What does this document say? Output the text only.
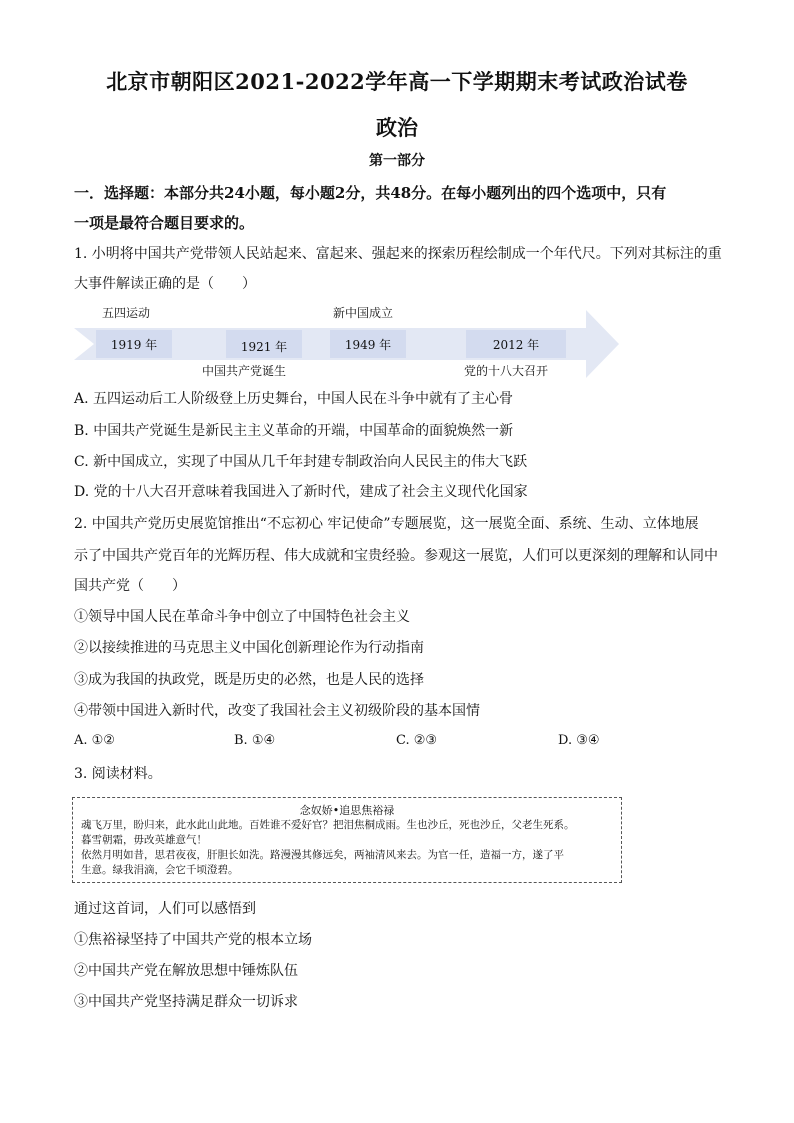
北京市朝阳区2021-2022学年高一下学期期末考试政治试卷
政治
第一部分
一．选择题：本部分共24小题，每小题2分，共48分。在每小题列出的四个选项中，只有
一项是最符合题目要求的。
1. 小明将中国共产党带领人民站起来、富起来、强起来的探索历程绘制成一个年代尺。下列对其标注的重
大事件解读正确的是（　　）
五四运动	新中国成立
1919 年	1921 年	1949 年	2012 年
中国共产党诞生	党的十八大召开
A. 五四运动后工人阶级登上历史舞台，中国人民在斗争中就有了主心骨
B. 中国共产党诞生是新民主主义革命的开端，中国革命的面貌焕然一新
C. 新中国成立，实现了中国从几千年封建专制政治向人民民主的伟大飞跃
D. 党的十八大召开意味着我国进入了新时代，建成了社会主义现代化国家
2. 中国共产党历史展览馆推出“不忘初心 牢记使命”专题展览，这一展览全面、系统、生动、立体地展
示了中国共产党百年的光辉历程、伟大成就和宝贵经验。参观这一展览，人们可以更深刻的理解和认同中
国共产党（　　）
①领导中国人民在革命斗争中创立了中国特色社会主义
②以接续推进的马克思主义中国化创新理论作为行动指南
③成为我国的执政党，既是历史的必然，也是人民的选择
④带领中国进入新时代，改变了我国社会主义初级阶段的基本国情
A. ①②	B. ①④	C. ②③	D. ③④
3. 阅读材料。
念奴娇•追思焦裕禄
魂飞万里，盼归来，此水此山此地。百姓谁不爱好官？把泪焦桐成雨。生也沙丘，死也沙丘，父老生死系。
暮雪朝霜，毋改英雄意气！
依然月明如昔，思君夜夜，肝胆长如洗。路漫漫其修远矣，两袖清风来去。为官一任，造福一方，遂了平
生意。绿我涓滴，会它千顷澄碧。
通过这首词，人们可以感悟到
①焦裕禄坚持了中国共产党的根本立场
②中国共产党在解放思想中锤炼队伍
③中国共产党坚持满足群众一切诉求
